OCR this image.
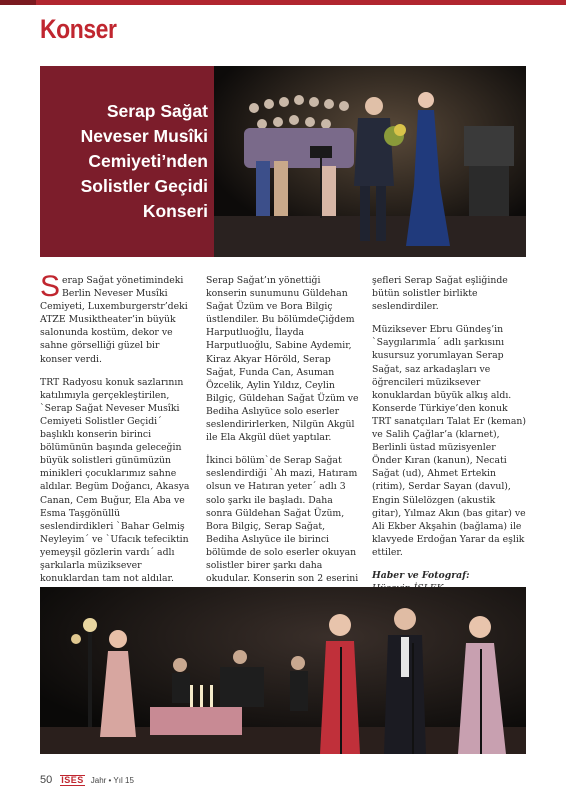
Konser
Serap Sağat
Neveser Musîki
Cemiyeti’nden
Solistler Geçidi
Konseri

Serap Sağat yönetimindeki Berlin Neveser Musîki Cemiyeti, Luxemburgerstr’deki ATZE Musiktheater’in büyük salonunda kostüm, dekor ve sahne görselliği güzel bir konser verdi.

TRT Radyosu konuk sazlarının katılımıyla gerçekleştirilen, `Serap Sağat Neveser Musîki Cemiyeti Solistler Geçidi´ başlıklı konserin birinci bölümünün başında geleceğin büyük solistleri günümüzün minikleri çocuklarımız sahne aldılar. Begüm Doğancı, Akasya Canan, Cem Buğur, Ela Aba ve Esma Taşgönüllü seslendirdikleri `Bahar Gelmiş Neyleyim´ ve `Ufacık tefeciktin yemeyşil gözlerin vardı´ adlı şarkılarla müziksever konuklardan tam not aldılar.

Serap Sağat’ın yönettiği konserin sunumunu Güldehan Sağat Üzüm ve Bora Bilgiç üstlendiler. Bu bölümdeÇiğdem Harputluoğlu, İlayda Harputluoğlu, Sabine Aydemir, Kiraz Akyar Höröld, Serap Sağat, Funda Can, Asuman Özcelik, Aylin Yıldız, Ceylin Bilgiç, Güldehan Sağat Üzüm ve Bediha Aslıyüce solo eserler seslendirirlerken, Nilgün Akgül ile Ela Akgül düet yaptılar.

İkinci bölüm`de Serap Sağat seslendirdiği `Ah mazi, Hatıram olsun ve Hatıran yeter´ adlı 3 solo şarkı ile başladı. Daha sonra Güldehan Sağat Üzüm, Bora Bilgiç, Serap Sağat, Bediha Aslıyüce ile birinci bölümde de solo eserler okuyan solistler birer şarkı daha okudular. Konserin son 2 eserini

şefleri Serap Sağat eşliğinde bütün solistler birlikte seslendirdiler.

Müziksever Ebru Gündeş’in `Saygılarımla´ adlı şarkısını kusursuz yorumlayan Serap Sağat, saz arkadaşları ve öğrencileri müziksever konuklardan büyük alkış aldı. Konserde Türkiye’den konuk TRT sanatçıları Talat Er (keman) ve Salih Çağlar’a (klarnet), Berlinli üstad müzisyenler Önder Kıran (kanun), Necati Sağat (ud), Ahmet Ertekin (ritim), Serdar Sayan (davul), Engin Sülelözgen (akustik gitar), Yılmaz Akın (bas gitar) ve Ali Ekber Akşahin (bağlama) ile klavyede Erdoğan Yarar da eşlik ettiler.

Haber ve Fotograf:

50 İSES Jahr • Yıl 15
